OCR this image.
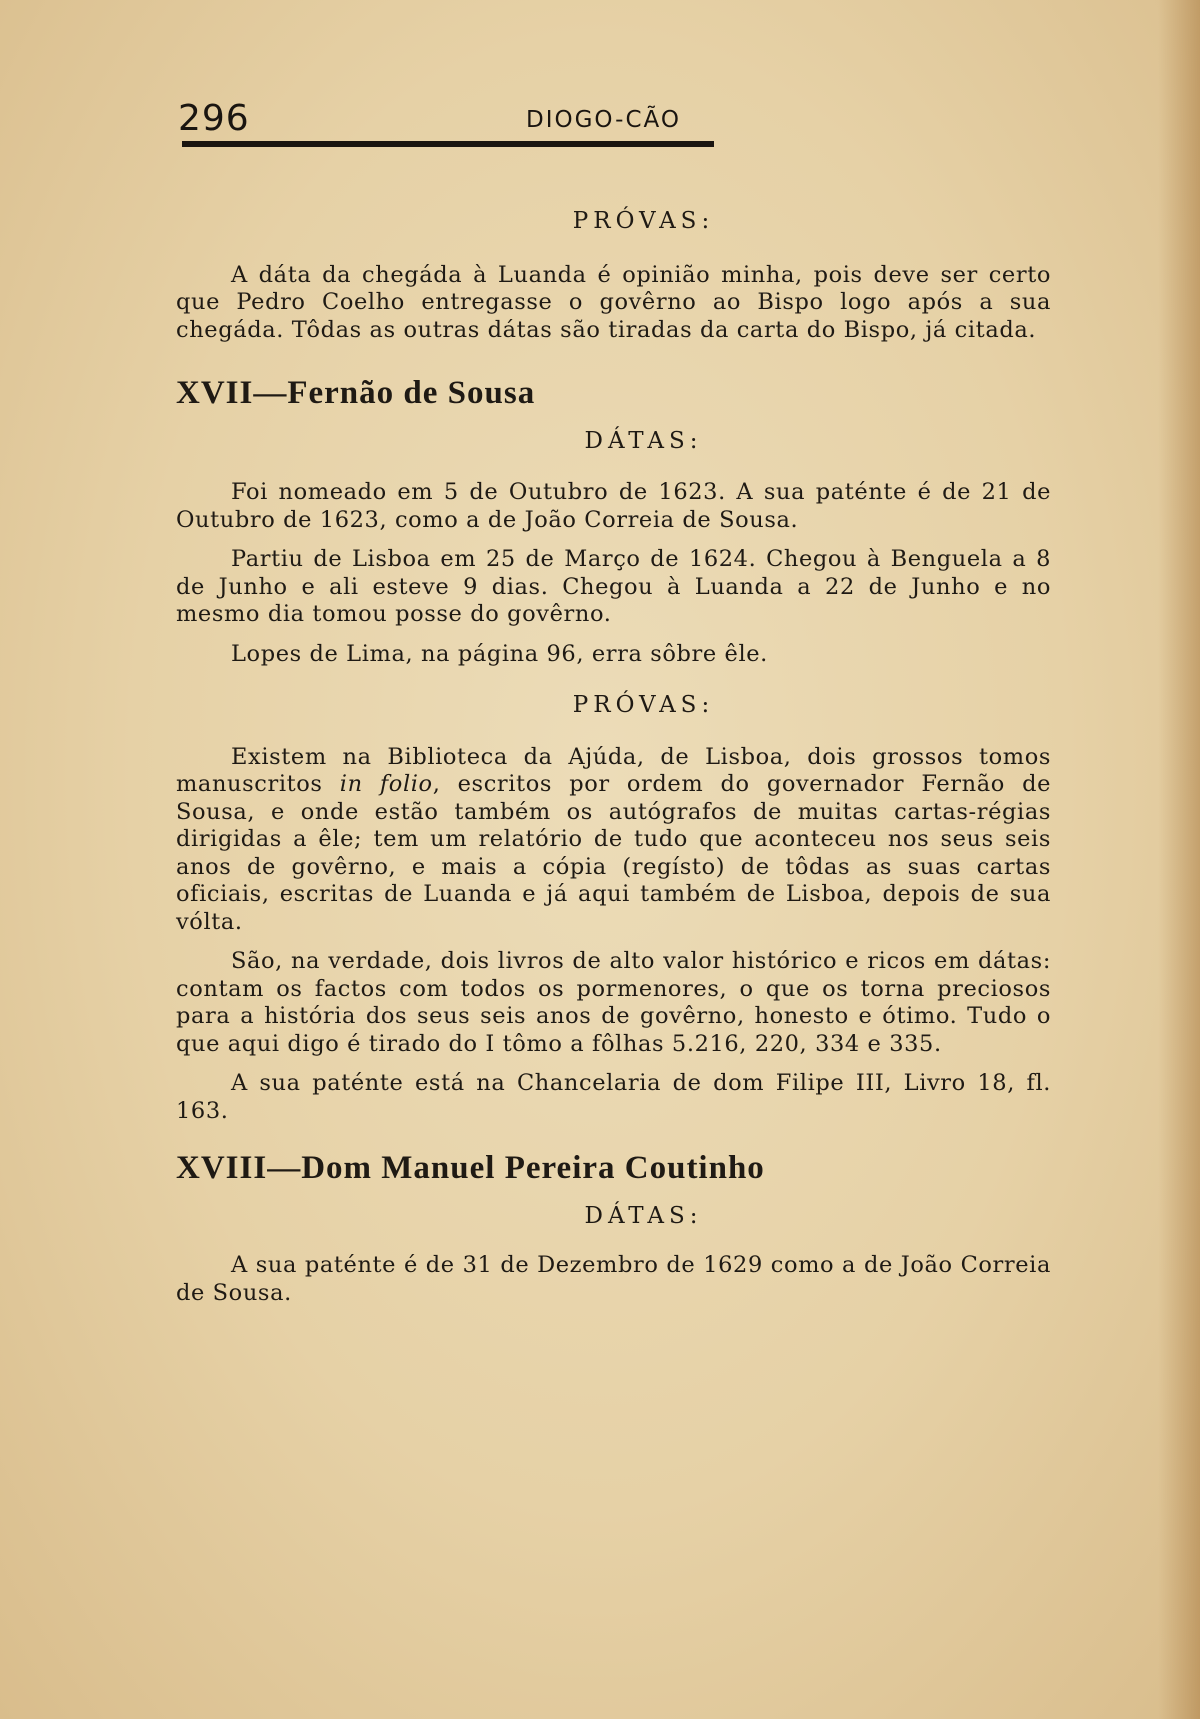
296	DIOGO-CÃO

PRÓVAS:

A dáta da chegáda à Luanda é opinião minha, pois deve ser certo que Pedro Coelho entregasse o govêrno ao Bispo logo após a sua chegáda. Tôdas as outras dátas são tiradas da carta do Bispo, já citada.

XVII—Fernão de Sousa

DÁTAS:

Foi nomeado em 5 de Outubro de 1623. A sua paténte é de 21 de Outubro de 1623, como a de João Correia de Sousa.

Partiu de Lisboa em 25 de Março de 1624. Chegou à Benguela a 8 de Junho e ali esteve 9 dias. Chegou à Luanda a 22 de Junho e no mesmo dia tomou posse do govêrno.

Lopes de Lima, na página 96, erra sôbre êle.

PRÓVAS:

Existem na Biblioteca da Ajúda, de Lisboa, dois grossos tomos manuscritos in folio, escritos por ordem do governador Fernão de Sousa, e onde estão também os autógrafos de muitas cartas-régias dirigidas a êle; tem um relatório de tudo que aconteceu nos seus seis anos de govêrno, e mais a cópia (regísto) de tôdas as suas cartas oficiais, escritas de Luanda e já aqui também de Lisboa, depois de sua vólta.

São, na verdade, dois livros de alto valor histórico e ricos em dátas: contam os factos com todos os pormenores, o que os torna preciosos para a história dos seus seis anos de govêrno, honesto e ótimo. Tudo o que aqui digo é tirado do I tômo a fôlhas 5.216, 220, 334 e 335.

A sua paténte está na Chancelaria de dom Filipe III, Livro 18, fl. 163.

XVIII—Dom Manuel Pereira Coutinho

DÁTAS:

A sua paténte é de 31 de Dezembro de 1629 como a de João Correia de Sousa.
